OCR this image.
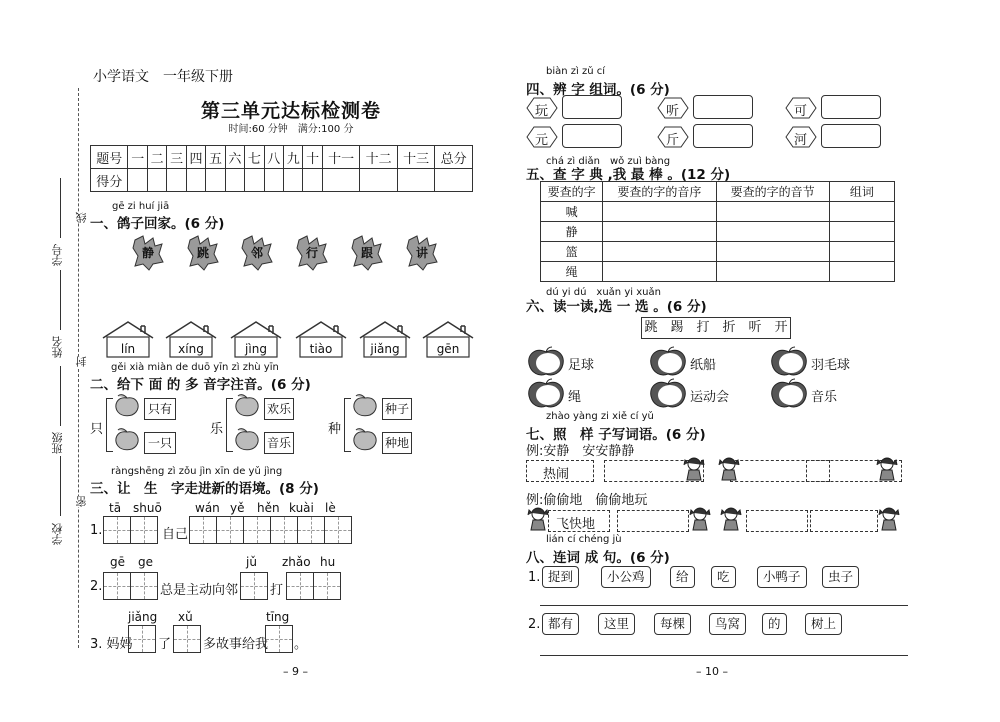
小学语文　一年级下册
学号
姓名
班级
学校
线
封
密
第三单元达标检测卷
时间:60 分钟　满分:100 分
题号	一	二	三	四	五	六	七	八	九	十	十一	十二	十三	总分
得分														
gē zi huí jiā
一、鸽子回家。(6 分)
静	跳	邻	行	跟	讲
lín	xíng	jìng	tiào	jiǎng	gēn
gěi xià miàn de duō yīn zì zhù yīn
二、给下 面 的 多 音字注音。(6 分)
只
只有
一只
乐
欢乐
音乐
种
种子
种地
ràngshēng zì zǒu jìn xīn de yǔ jìng
三、让　生　字走进新的语境。(8 分)
1.
tā shuō	wán yě hěn kuài lè
自己
2.
gē ge	jǔ zhǎo hu
总是主动向邻 打
3. 妈妈
jiǎng xǔ	tīng
了 多故事给我 。
– 9 –
biàn zì zǔ cí
四、辨 字 组词。(6 分)
玩	听	可
元	斤	河
chá zì diǎn　wǒ zuì bàng
五、查 字 典 ,我 最 棒 。(12 分)
要查的字	要查的字的音序	要查的字的音节	组词
喊			
静			
篮			
绳			
dú yi dú　xuǎn yi xuǎn
六、读一读,选 一 选 。(6 分)
跳　踢　打　折　听　开
足球	纸船	羽毛球
绳	运动会	音乐
zhào yàng zi xiě cí yǔ
七、照　样 子写词语。(6 分)
例:安静　安安静静
热闹
例:偷偷地　偷偷地玩
飞快地
lián cí chéng jù
八、连词 成 句。(6 分)
1. 捉到	小公鸡	给	吃	小鸭子	虫子
2. 都有	这里	每棵	鸟窝	的	树上
– 10 –
